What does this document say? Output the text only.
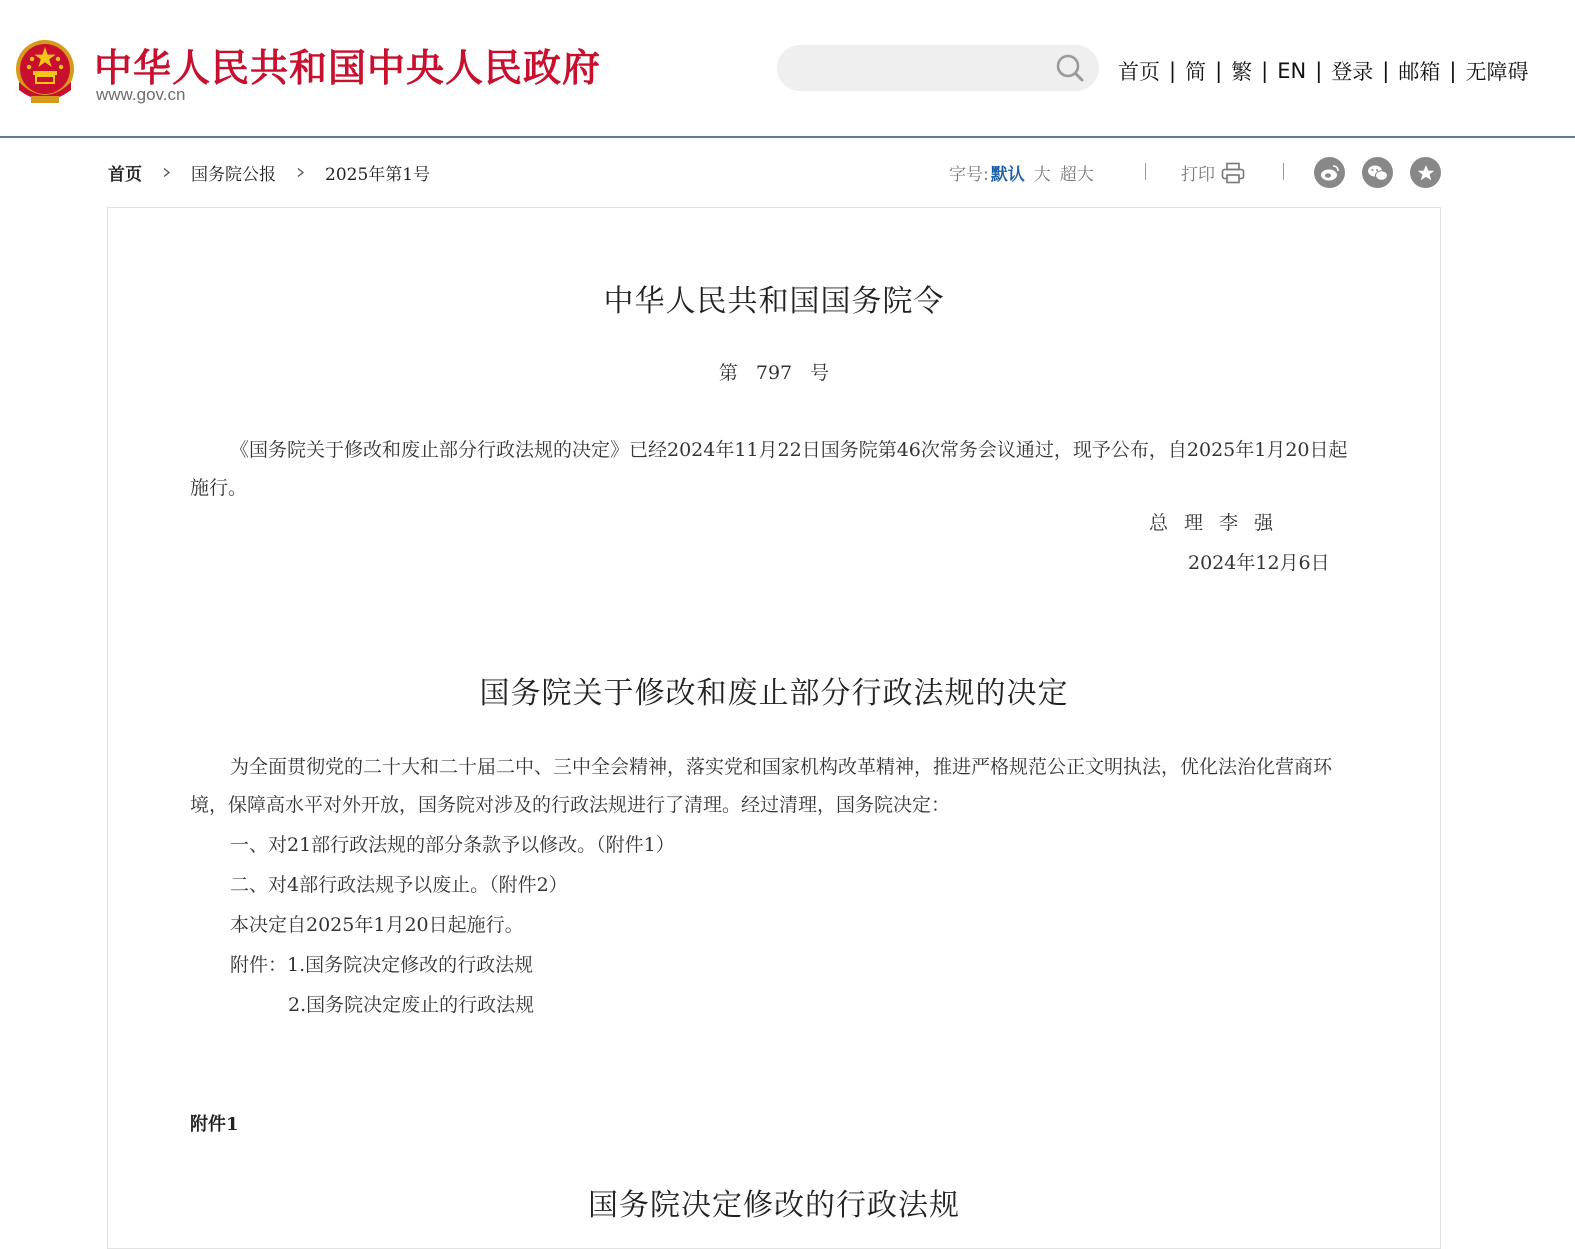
中华人民共和国中央人民政府
www.gov.cn
首页 | 简 | 繁 | EN | 登录 | 邮箱 | 无障碍
首页	国务院公报	2025年第1号	字号: 默认 大 超大	打印
中华人民共和国国务院令
第 797 号
《国务院关于修改和废止部分行政法规的决定》已经2024年11月22日国务院第46次常务会议通过，现予公布，自2025年1月20日起施行。
总 理 李 强
2024年12月6日
国务院关于修改和废止部分行政法规的决定
为全面贯彻党的二十大和二十届二中、三中全会精神，落实党和国家机构改革精神，推进严格规范公正文明执法，优化法治化营商环境，保障高水平对外开放，国务院对涉及的行政法规进行了清理。经过清理，国务院决定：
一、对21部行政法规的部分条款予以修改。（附件1）
二、对4部行政法规予以废止。（附件2）
本决定自2025年1月20日起施行。
附件：1.国务院决定修改的行政法规
2.国务院决定废止的行政法规
附件1
国务院决定修改的行政法规
